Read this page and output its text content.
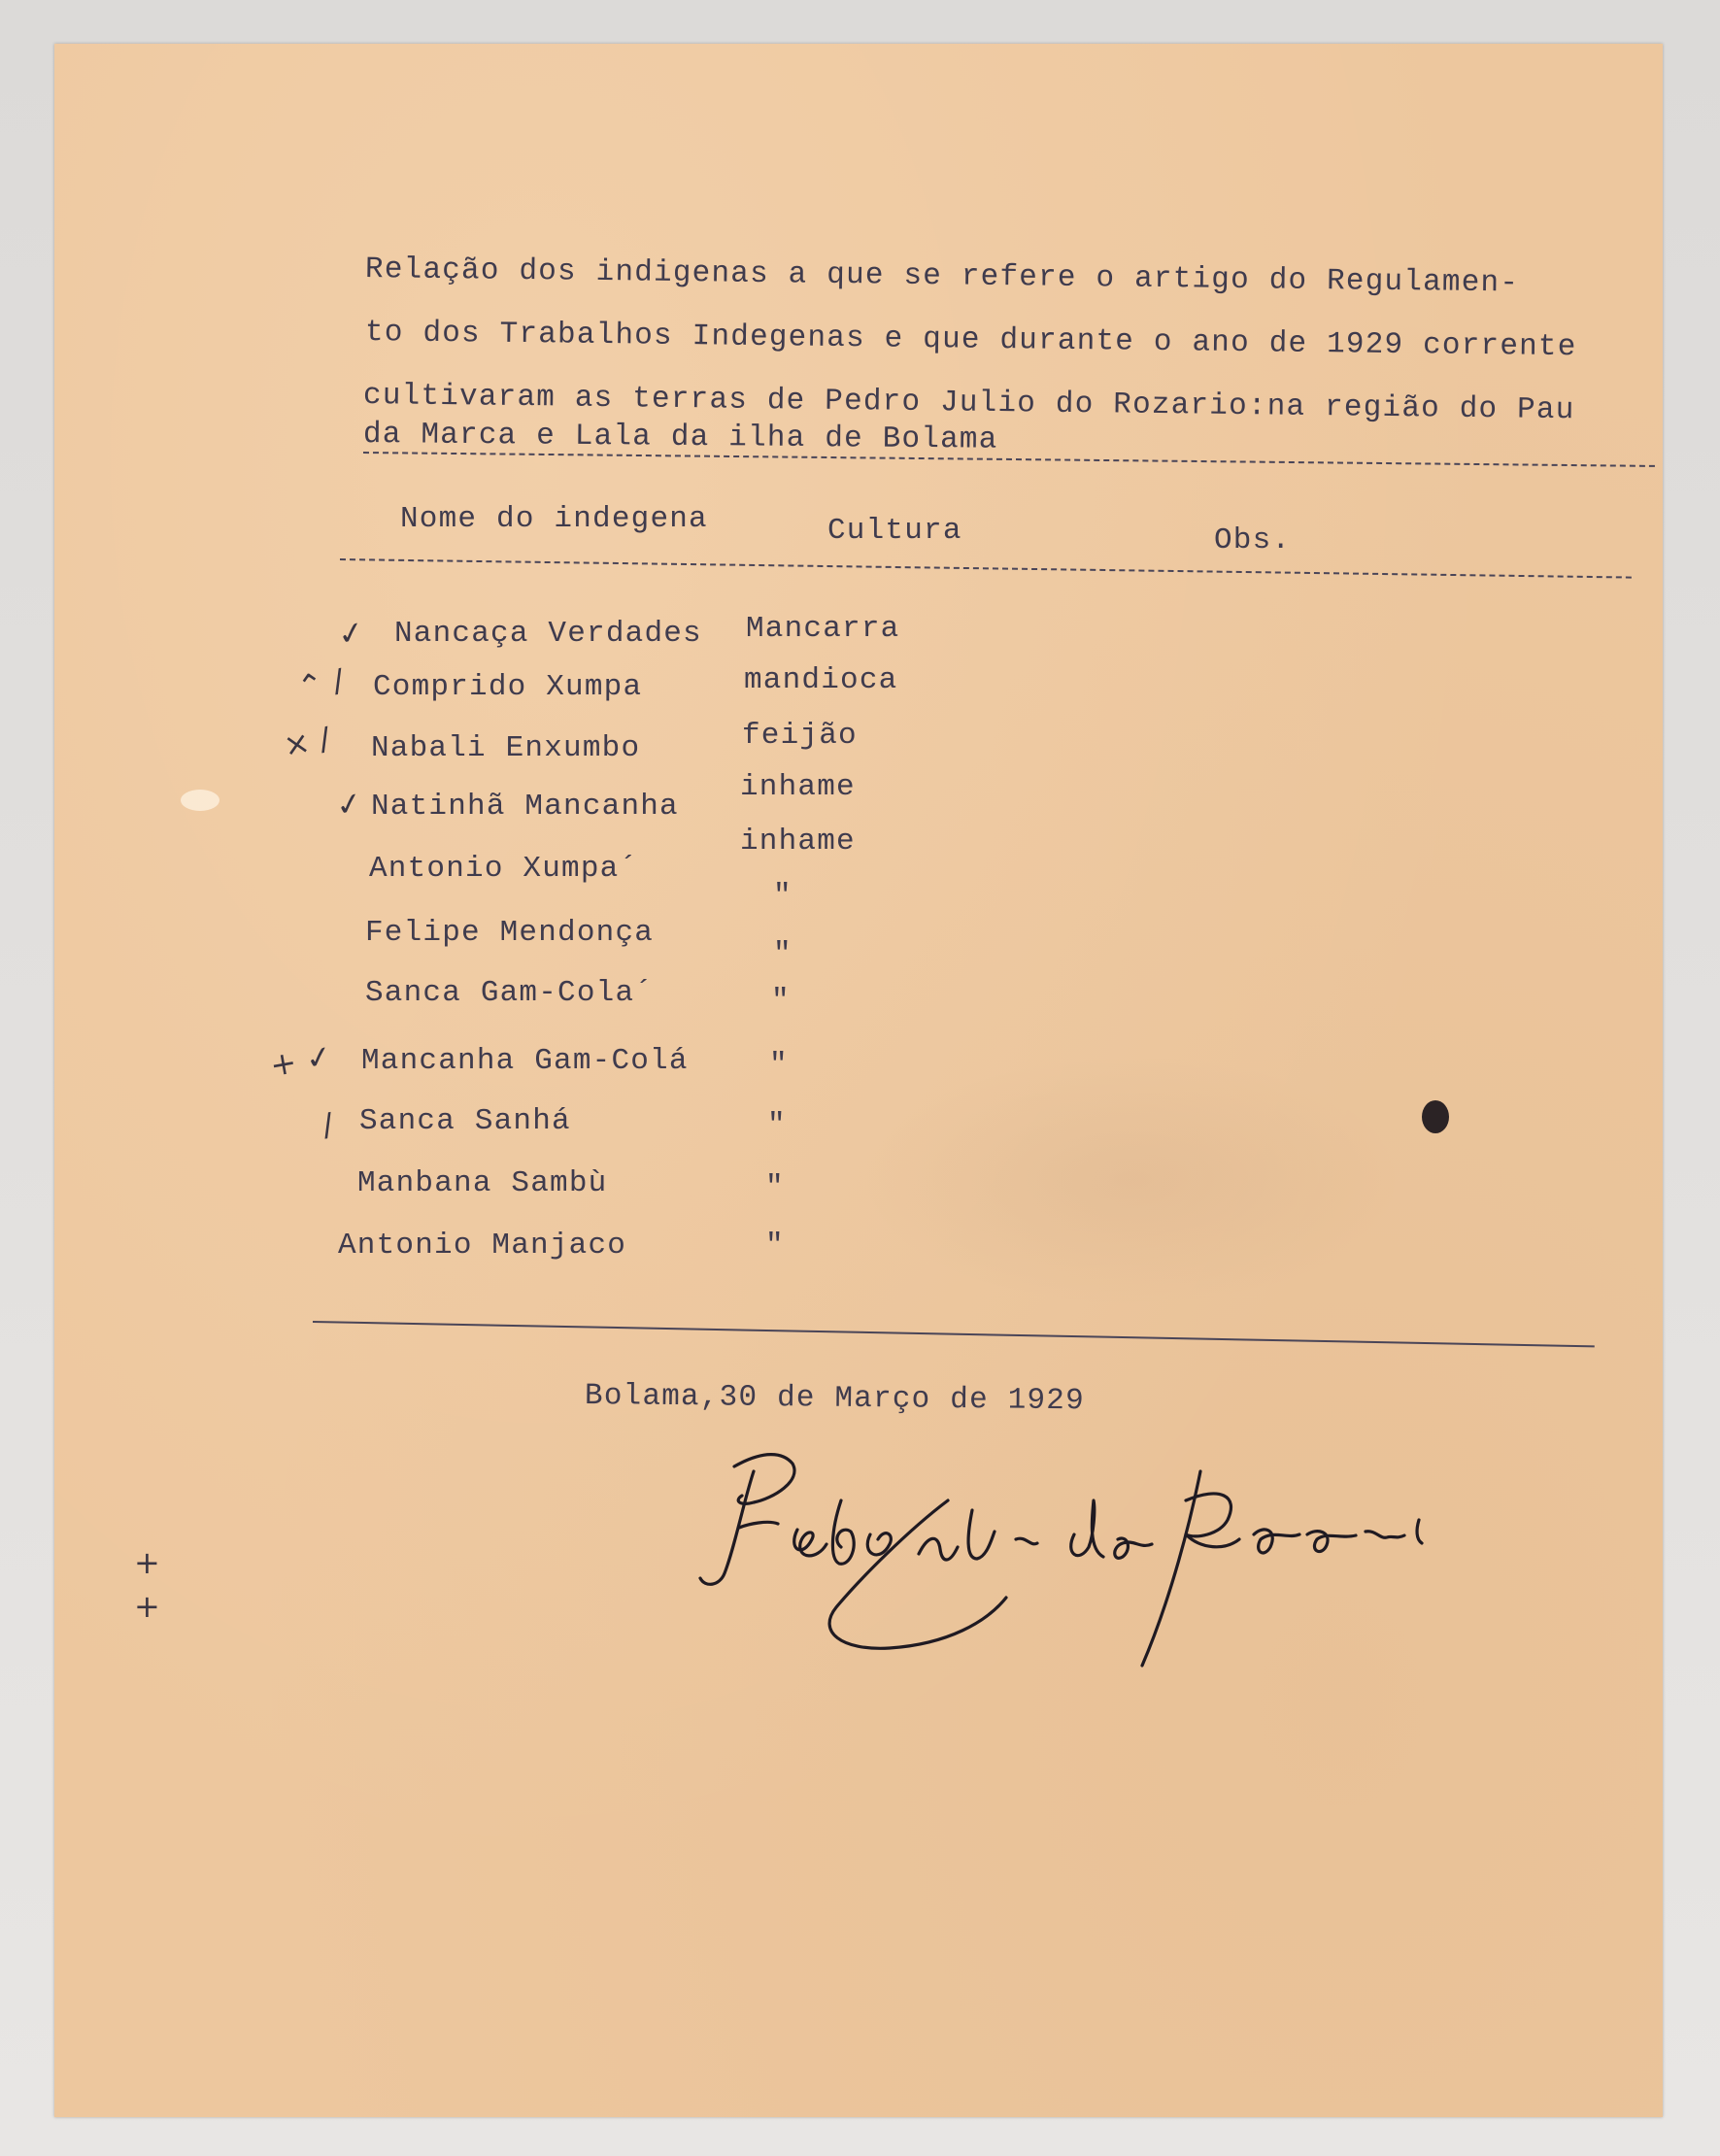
Relação dos indigenas a que se refere o artigo do Regulamen-
to dos Trabalhos Indegenas e que durante o ano de 1929 corrente
cultivaram as terras de Pedro Julio do Rozario:na região do Pau
da Marca e Lala da ilha de Bolama
Nome do indegena	Cultura	Obs.
Nancaça Verdades
Comprido Xumpa
Nabali Enxumbo
Natinhã Mancanha
Antonio Xumpa´
Felipe Mendonça
Sanca Gam-Cola´
Mancanha Gam-Colá
Sanca Sanhá
Manbana Sambù
Antonio Manjaco
Mancarra
mandioca
feijão
inhame
inhame
"
"
"
"
"
"
"
✓
⌃ /
× /
✓
+ ✓
/
Bolama,30 de Março de 1929
+
+
